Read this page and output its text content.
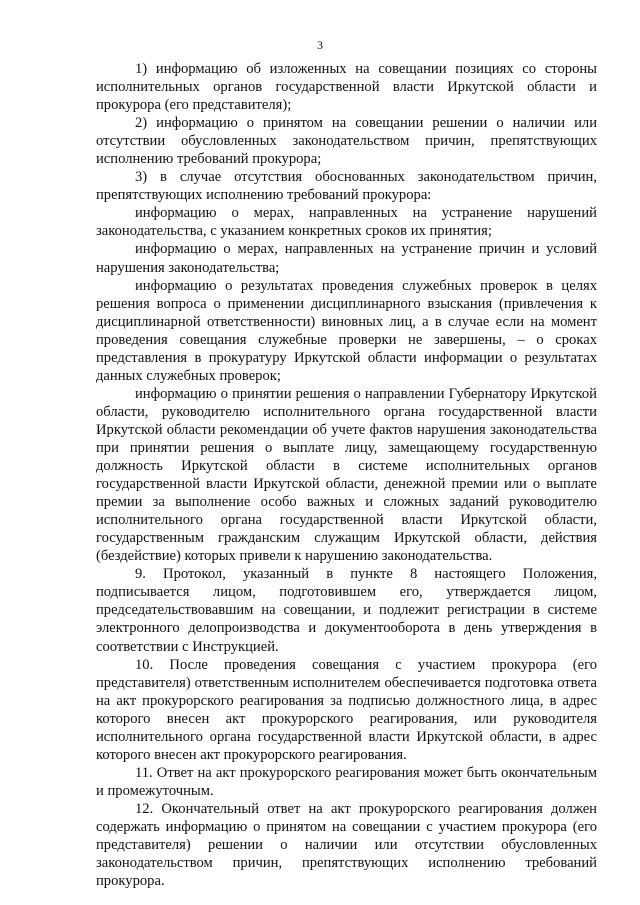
3

1) информацию об изложенных на совещании позициях со стороны исполнительных органов государственной власти Иркутской области и прокурора (его представителя);

2) информацию о принятом на совещании решении о наличии или отсутствии обусловленных законодательством причин, препятствующих исполнению требований прокурора;

3) в случае отсутствия обоснованных законодательством причин, препятствующих исполнению требований прокурора:

информацию о мерах, направленных на устранение нарушений законодательства, с указанием конкретных сроков их принятия;

информацию о мерах, направленных на устранение причин и условий нарушения законодательства;

информацию о результатах проведения служебных проверок в целях решения вопроса о применении дисциплинарного взыскания (привлечения к дисциплинарной ответственности) виновных лиц, а в случае если на момент проведения совещания служебные проверки не завершены, – о сроках представления в прокуратуру Иркутской области информации о результатах данных служебных проверок;

информацию о принятии решения о направлении Губернатору Иркутской области, руководителю исполнительного органа государственной власти Иркутской области рекомендации об учете фактов нарушения законодательства при принятии решения о выплате лицу, замещающему государственную должность Иркутской области в системе исполнительных органов государственной власти Иркутской области, денежной премии или о выплате премии за выполнение особо важных и сложных заданий руководителю исполнительного органа государственной власти Иркутской области, государственным гражданским служащим Иркутской области, действия (бездействие) которых привели к нарушению законодательства.

9. Протокол, указанный в пункте 8 настоящего Положения, подписывается лицом, подготовившем его, утверждается лицом, председательствовавшим на совещании, и подлежит регистрации в системе электронного делопроизводства и документооборота в день утверждения в соответствии с Инструкцией.

10. После проведения совещания с участием прокурора (его представителя) ответственным исполнителем обеспечивается подготовка ответа на акт прокурорского реагирования за подписью должностного лица, в адрес которого внесен акт прокурорского реагирования, или руководителя исполнительного органа государственной власти Иркутской области, в адрес которого внесен акт прокурорского реагирования.

11. Ответ на акт прокурорского реагирования может быть окончательным и промежуточным.

12. Окончательный ответ на акт прокурорского реагирования должен содержать информацию о принятом на совещании с участием прокурора (его представителя) решении о наличии или отсутствии обусловленных законодательством причин, препятствующих исполнению требований прокурора.
